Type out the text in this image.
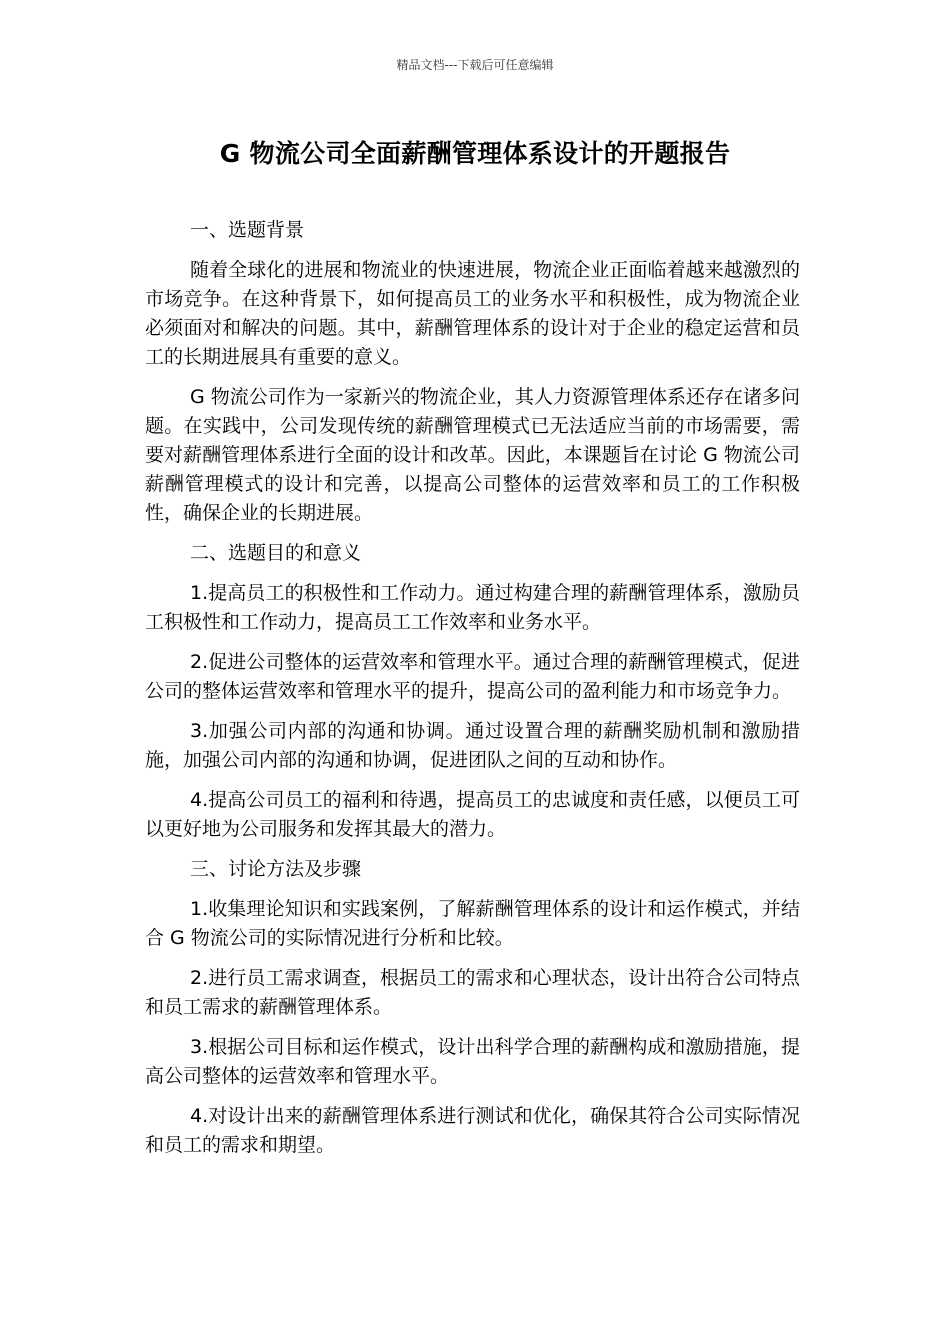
精品文档---下载后可任意编辑
G 物流公司全面薪酬管理体系设计的开题报告

一、选题背景

随着全球化的进展和物流业的快速进展，物流企业正面临着越来越激烈的市场竞争。在这种背景下，如何提高员工的业务水平和积极性，成为物流企业必须面对和解决的问题。其中，薪酬管理体系的设计对于企业的稳定运营和员工的长期进展具有重要的意义。

G 物流公司作为一家新兴的物流企业，其人力资源管理体系还存在诸多问题。在实践中，公司发现传统的薪酬管理模式已无法适应当前的市场需要，需要对薪酬管理体系进行全面的设计和改革。因此，本课题旨在讨论 G 物流公司薪酬管理模式的设计和完善，以提高公司整体的运营效率和员工的工作积极性，确保企业的长期进展。

二、选题目的和意义

1.提高员工的积极性和工作动力。通过构建合理的薪酬管理体系，激励员工积极性和工作动力，提高员工工作效率和业务水平。

2.促进公司整体的运营效率和管理水平。通过合理的薪酬管理模式，促进公司的整体运营效率和管理水平的提升，提高公司的盈利能力和市场竞争力。

3.加强公司内部的沟通和协调。通过设置合理的薪酬奖励机制和激励措施，加强公司内部的沟通和协调，促进团队之间的互动和协作。

4.提高公司员工的福利和待遇，提高员工的忠诚度和责任感，以便员工可以更好地为公司服务和发挥其最大的潜力。

三、讨论方法及步骤

1.收集理论知识和实践案例，了解薪酬管理体系的设计和运作模式，并结合 G 物流公司的实际情况进行分析和比较。

2.进行员工需求调查，根据员工的需求和心理状态，设计出符合公司特点和员工需求的薪酬管理体系。

3.根据公司目标和运作模式，设计出科学合理的薪酬构成和激励措施，提高公司整体的运营效率和管理水平。

4.对设计出来的薪酬管理体系进行测试和优化，确保其符合公司实际情况和员工的需求和期望。
